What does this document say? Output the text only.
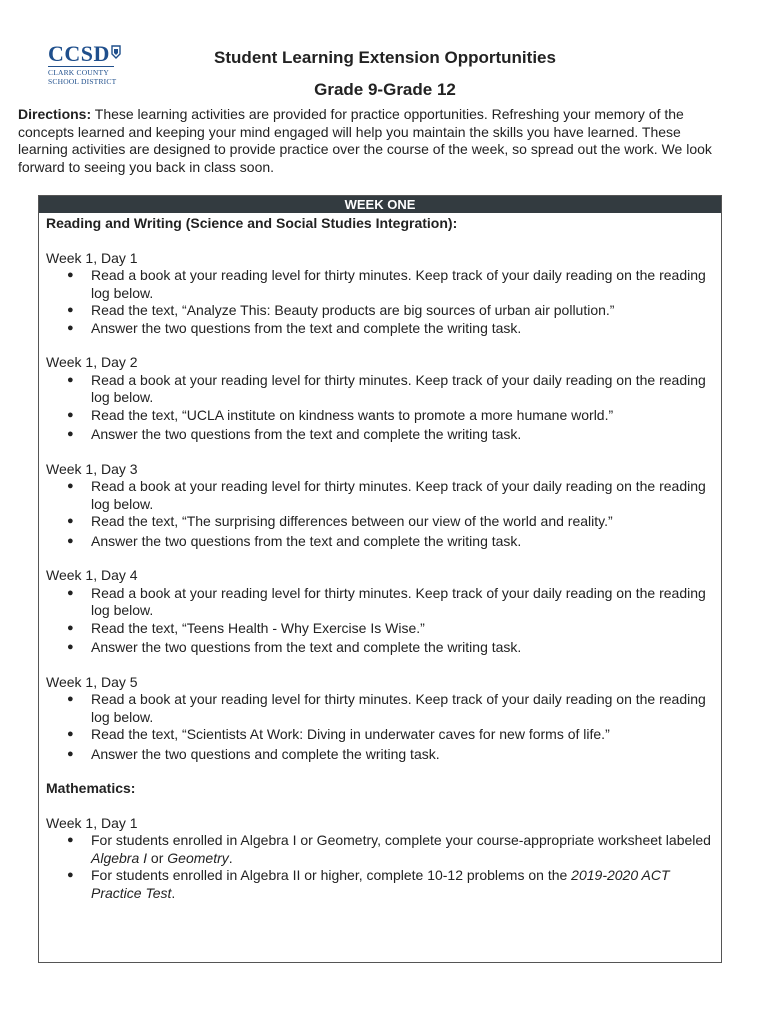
CCSD
CLARK COUNTY
SCHOOL DISTRICT
Student Learning Extension Opportunities
Grade 9-Grade 12
Directions: These learning activities are provided for practice opportunities. Refreshing your memory of the concepts learned and keeping your mind engaged will help you maintain the skills you have learned. These learning activities are designed to provide practice over the course of the week, so spread out the work. We look forward to seeing you back in class soon.
WEEK ONE
Reading and Writing (Science and Social Studies Integration):
Week 1, Day 1
● Read a book at your reading level for thirty minutes. Keep track of your daily reading on the reading log below.
● Read the text, “Analyze This: Beauty products are big sources of urban air pollution.”
● Answer the two questions from the text and complete the writing task.
Week 1, Day 2
● Read a book at your reading level for thirty minutes. Keep track of your daily reading on the reading log below.
● Read the text, “UCLA institute on kindness wants to promote a more humane world.”
● Answer the two questions from the text and complete the writing task.
Week 1, Day 3
● Read a book at your reading level for thirty minutes. Keep track of your daily reading on the reading log below.
● Read the text, “The surprising differences between our view of the world and reality.”
● Answer the two questions from the text and complete the writing task.
Week 1, Day 4
● Read a book at your reading level for thirty minutes. Keep track of your daily reading on the reading log below.
● Read the text, “Teens Health - Why Exercise Is Wise.”
● Answer the two questions from the text and complete the writing task.
Week 1, Day 5
● Read a book at your reading level for thirty minutes. Keep track of your daily reading on the reading log below.
● Read the text, “Scientists At Work: Diving in underwater caves for new forms of life.”
● Answer the two questions and complete the writing task.
Mathematics:
Week 1, Day 1
● For students enrolled in Algebra I or Geometry, complete your course-appropriate worksheet labeled Algebra I or Geometry.
● For students enrolled in Algebra II or higher, complete 10-12 problems on the 2019-2020 ACT Practice Test.
